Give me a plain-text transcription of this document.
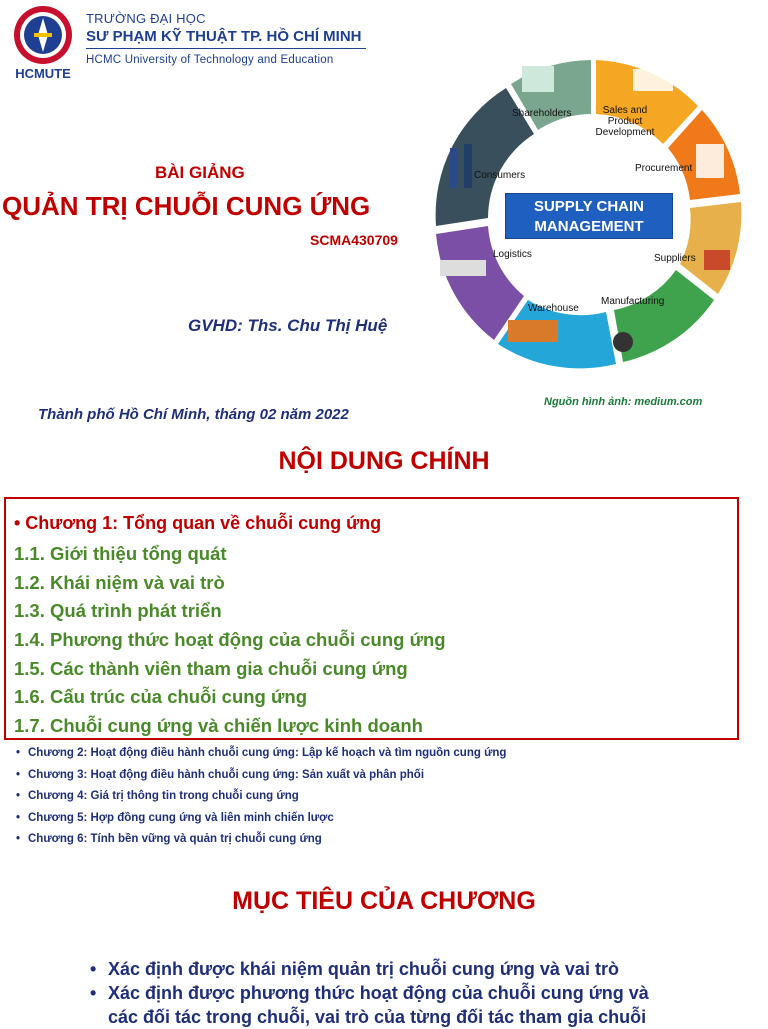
HCMUTE
TRƯỜNG ĐẠI HỌC
SƯ PHẠM KỸ THUẬT TP. HỒ CHÍ MINH
HCMC University of Technology and Education
BÀI GIẢNG
QUẢN TRỊ CHUỖI CUNG ỨNG
SCMA430709
GVHD: Ths. Chu Thị Huệ
Thành phố Hồ Chí Minh, tháng 02 năm 2022
Shareholders	Sales and
Product
Development
Procurement
Consumers
Suppliers
Logistics
Manufacturing
Warehouse
SUPPLY CHAIN
MANAGEMENT
Nguồn hình ảnh: medium.com
NỘI DUNG CHÍNH
• Chương 1: Tổng quan về chuỗi cung ứng
1.1. Giới thiệu tổng quát
1.2. Khái niệm và vai trò
1.3. Quá trình phát triển
1.4. Phương thức hoạt động của chuỗi cung ứng
1.5. Các thành viên tham gia chuỗi cung ứng
1.6. Cấu trúc của chuỗi cung ứng
1.7. Chuỗi cung ứng và chiến lược kinh doanh
• Chương 2: Hoạt động điều hành chuỗi cung ứng: Lập kế hoạch và tìm nguồn cung ứng
• Chương 3: Hoạt động điều hành chuỗi cung ứng: Sản xuất và phân phối
• Chương 4: Giá trị thông tin trong chuỗi cung ứng
• Chương 5: Hợp đồng cung ứng và liên minh chiến lược
• Chương 6: Tính bền vững và quản trị chuỗi cung ứng
MỤC TIÊU CỦA CHƯƠNG
• Xác định được khái niệm quản trị chuỗi cung ứng và vai trò
• Xác định được phương thức hoạt động của chuỗi cung ứng và
các đối tác trong chuỗi, vai trò của từng đối tác tham gia chuỗi
